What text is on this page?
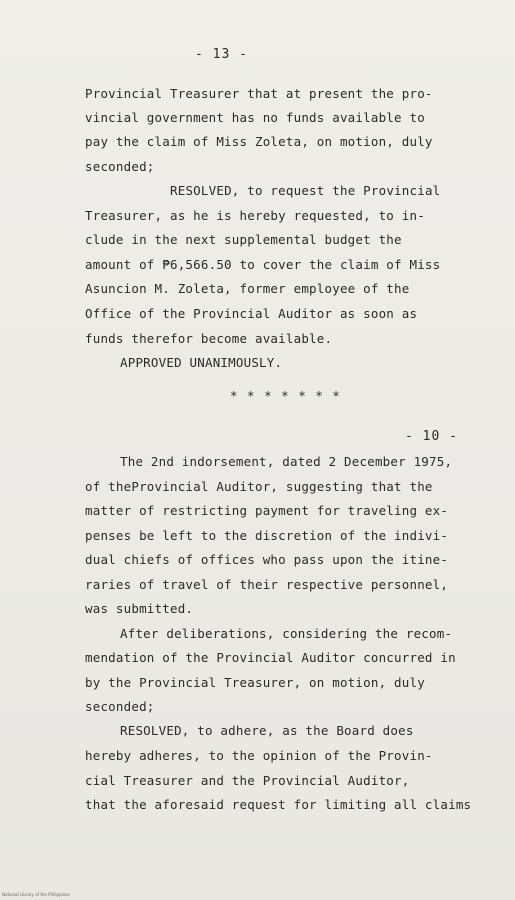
- 13 -
Provincial Treasurer that at present the pro-
vincial government has no funds available to
pay the claim of Miss Zoleta, on motion, duly
seconded;
RESOLVED, to request the Provincial
Treasurer, as he is hereby requested, to in-
clude in the next supplemental budget the
amount of ₱6,566.50 to cover the claim of Miss
Asuncion M. Zoleta, former employee of the
Office of the Provincial Auditor as soon as
funds therefor become available.
APPROVED UNANIMOUSLY.
* * * * * * *
- 10 -
The 2nd indorsement, dated 2 December 1975,
of theProvincial Auditor, suggesting that the
matter of restricting payment for traveling ex-
penses be left to the discretion of the indivi-
dual chiefs of offices who pass upon the itine-
raries of travel of their respective personnel,
was submitted.
After deliberations, considering the recom-
mendation of the Provincial Auditor concurred in
by the Provincial Treasurer, on motion, duly
seconded;
RESOLVED, to adhere, as the Board does
hereby adheres, to the opinion of the Provin-
cial Treasurer and the Provincial Auditor,
that the aforesaid request for limiting all claims
National Library of the Philippines
